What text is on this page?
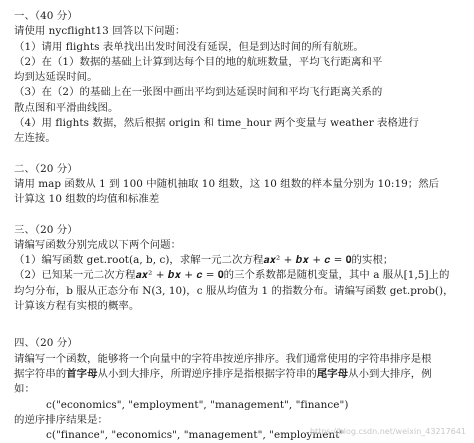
一、（40 分）
请使用 nycflight13 回答以下问题：
（1）请用 flights 表单找出出发时间没有延误，但是到达时间的所有航班。
（2）在（1）数据的基础上计算到达每个目的地的航班数量，平均飞行距离和平
均到达延误时间。
（3）在（2）的基础上在一张图中画出平均到达延误时间和平均飞行距离关系的
散点图和平滑曲线图。
（4）用 flights 数据，然后根据 origin 和 time_hour 两个变量与 weather 表格进行
左连接。
二、（20 分）
请用 map 函数从 1 到 100 中随机抽取 10 组数，这 10 组数的样本量分别为 10:19；然后
计算这 10 组数的均值和标准差
三、（20 分）
请编写函数分别完成以下两个问题：
（1）编写函数 get.root(a, b, c)，求解一元二次方程𝒂𝒙² + 𝒃𝒙 + 𝒄 = 𝟎的实根；
（2）已知某一元二次方程𝒂𝒙² + 𝒃𝒙 + 𝒄 = 𝟎的三个系数都是随机变量，其中 a 服从[1,5]上的
均匀分布，b 服从正态分布 N(3, 10)，c 服从均值为 1 的指数分布。请编写函数 get.prob()，
计算该方程有实根的概率。
四、（20 分）
请编写一个函数，能够将一个向量中的字符串按逆序排序。我们通常使用的字符串排序是根
据字符串的首字母从小到大排序，所谓逆序排序是指根据字符串的尾字母从小到大排序，例
如：
c("economics", "employment", "management", "finance")
的逆序排序结果是：
c("finance", "economics", "management", "employment"
https://blog.csdn.net/weixin_43217641
